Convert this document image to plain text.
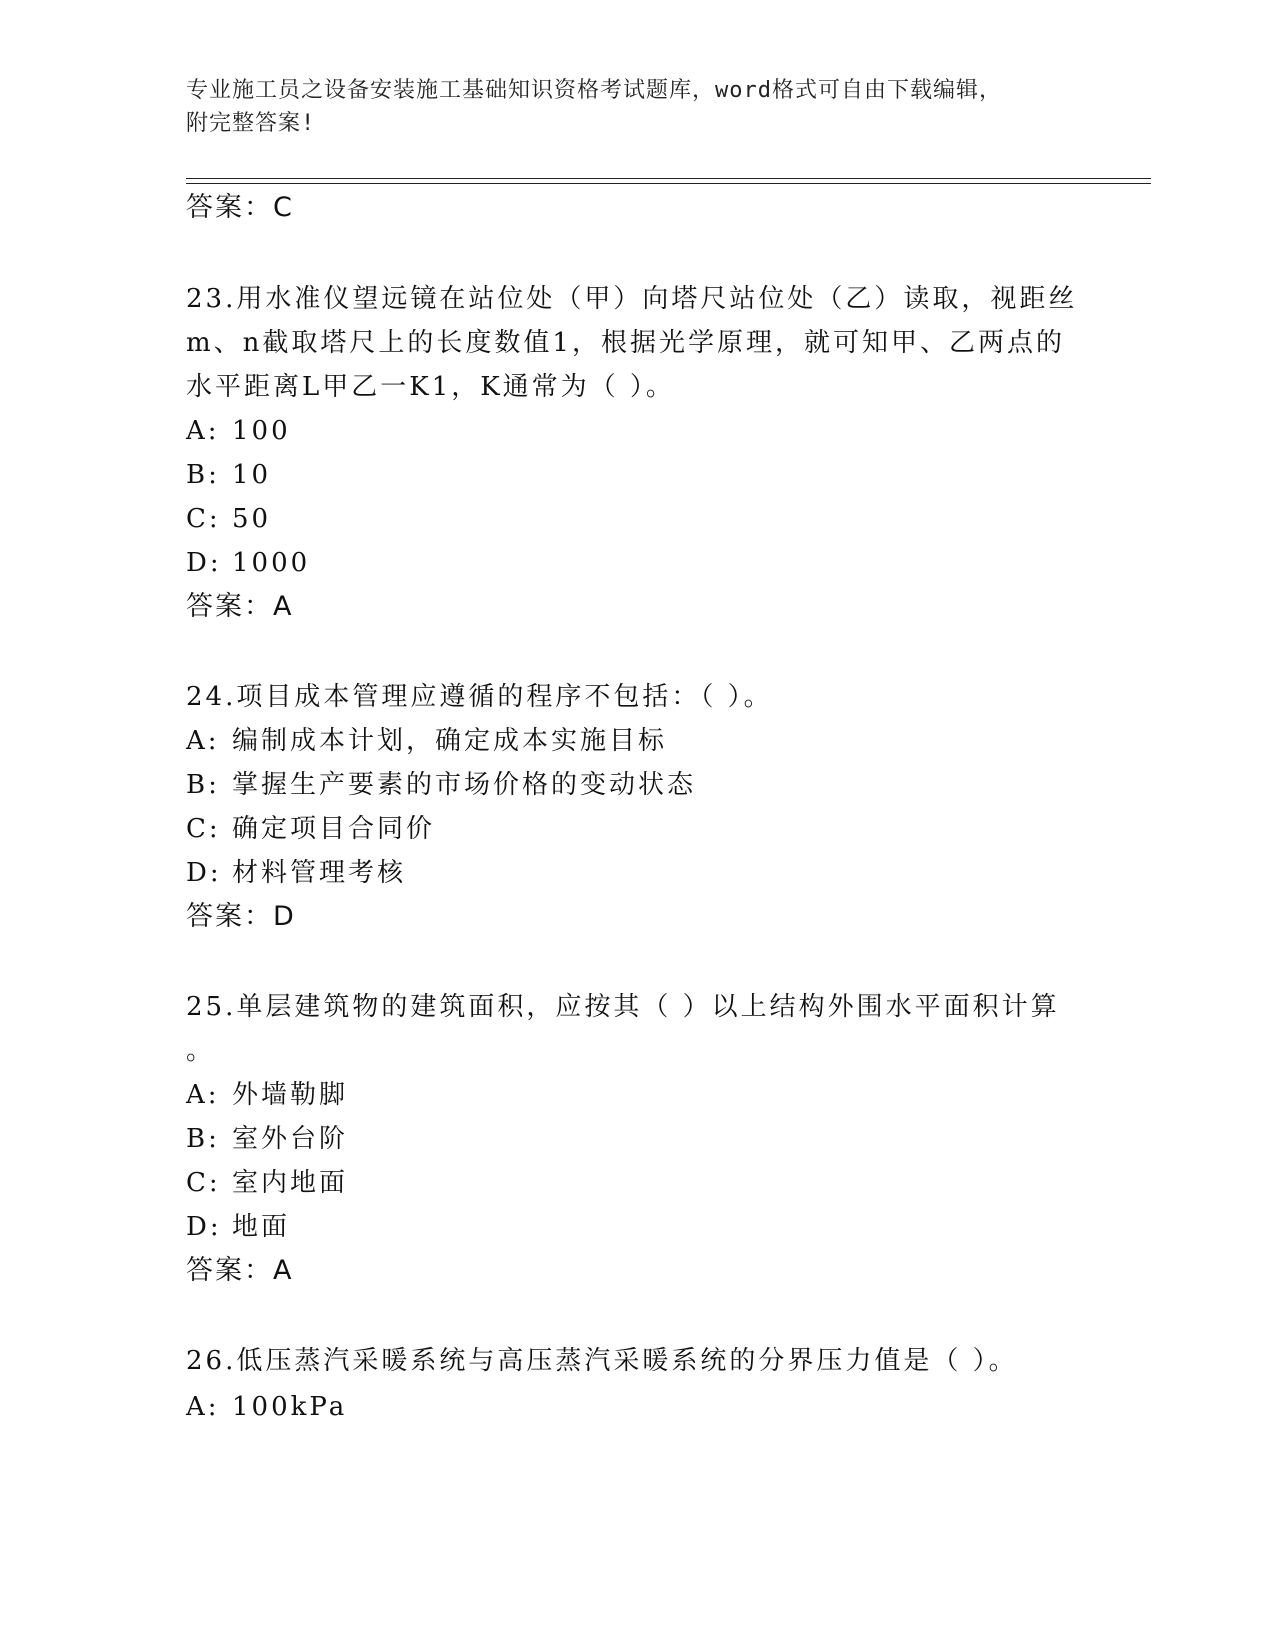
专业施工员之设备安装施工基础知识资格考试题库，word格式可自由下载编辑，
附完整答案!
答案：C
23.用水准仪望远镜在站位处（甲）向塔尺站位处（乙）读取，视距丝
m、n截取塔尺上的长度数值1，根据光学原理，就可知甲、乙两点的
水平距离L甲乙一K1，K通常为（ ）。
A: 100
B: 10
C: 50
D: 1000
答案：A
24.项目成本管理应遵循的程序不包括：（ ）。
A: 编制成本计划，确定成本实施目标
B: 掌握生产要素的市场价格的变动状态
C: 确定项目合同价
D: 材料管理考核
答案：D
25.单层建筑物的建筑面积，应按其（ ）以上结构外围水平面积计算
。
A: 外墙勒脚
B: 室外台阶
C: 室内地面
D: 地面
答案：A
26.低压蒸汽采暖系统与高压蒸汽采暖系统的分界压力值是（ ）。
A: 100kPa
